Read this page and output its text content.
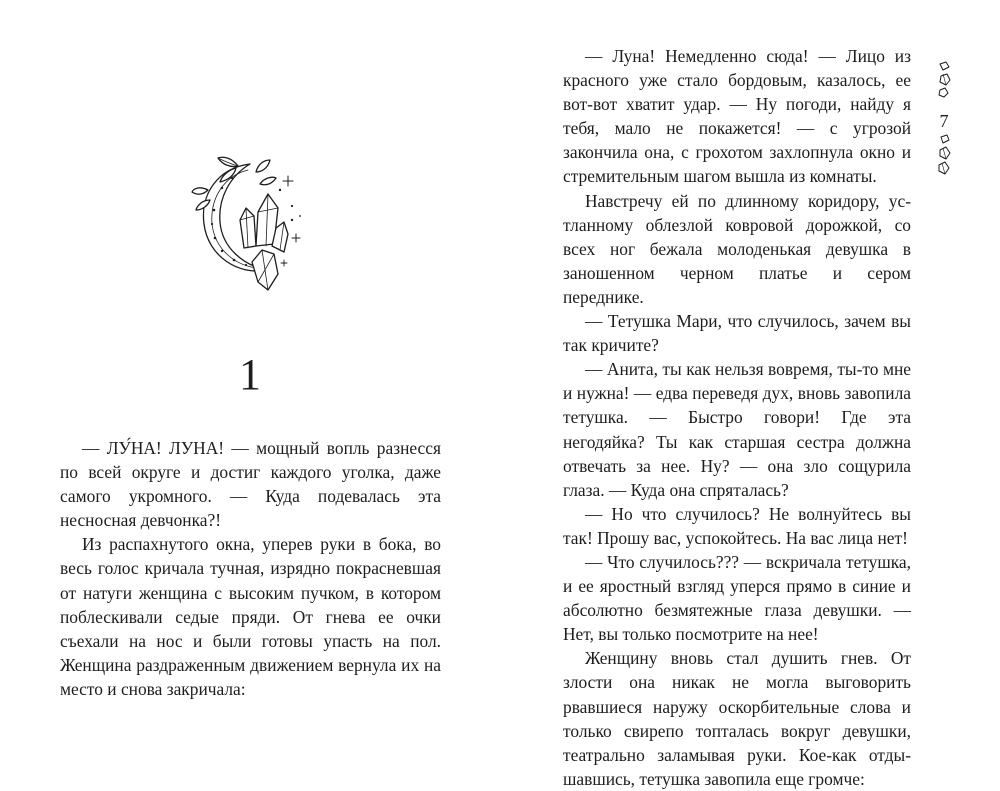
1

— ЛУ́НА! ЛУНА! — мощный вопль разнесся по всей округе и достиг каждого уголка, даже самого укромного. — Куда подевалась эта несносная девчонка?!

Из распахнутого окна, уперев руки в бока, во весь голос кричала тучная, изрядно покрасневшая от натуги женщина с высоким пучком, в котором поблескивали седые пряди. От гнева ее очки съехали на нос и были готовы упасть на пол. Женщина раздраженным движением вернула их на место и снова закричала:

— Луна! Немедленно сюда! — Лицо из красного уже стало бордовым, казалось, ее вот-вот хватит удар. — Ну погоди, найду я тебя, мало не покажется! — с угрозой закончила она, с грохотом захлопнула окно и стремительным шагом вышла из комнаты.

Навстречу ей по длинному коридору, устланному облезлой ковровой дорожкой, со всех ног бежала молоденькая девушка в заношенном черном платье и сером переднике.

— Тетушка Мари, что случилось, зачем вы так кричите?

— Анита, ты как нельзя вовремя, ты-то мне и нужна! — едва переведя дух, вновь завопила тетушка. — Быстро говори! Где эта негодяйка? Ты как старшая сестра должна отвечать за нее. Ну? — она зло сощурила глаза. — Куда она спряталась?

— Но что случилось? Не волнуйтесь вы так! Прошу вас, успокойтесь. На вас лица нет!

— Что случилось??? — вскричала тетушка, и ее яростный взгляд уперся прямо в синие и абсолютно безмятежные глаза девушки. — Нет, вы только посмотрите на нее!

Женщину вновь стал душить гнев. От злости она никак не могла выговорить рвавшиеся наружу оскорбительные слова и только свирепо топталась вокруг девушки, театрально заламывая руки. Кое-как отдышавшись, тетушка завопила еще громче:

7
